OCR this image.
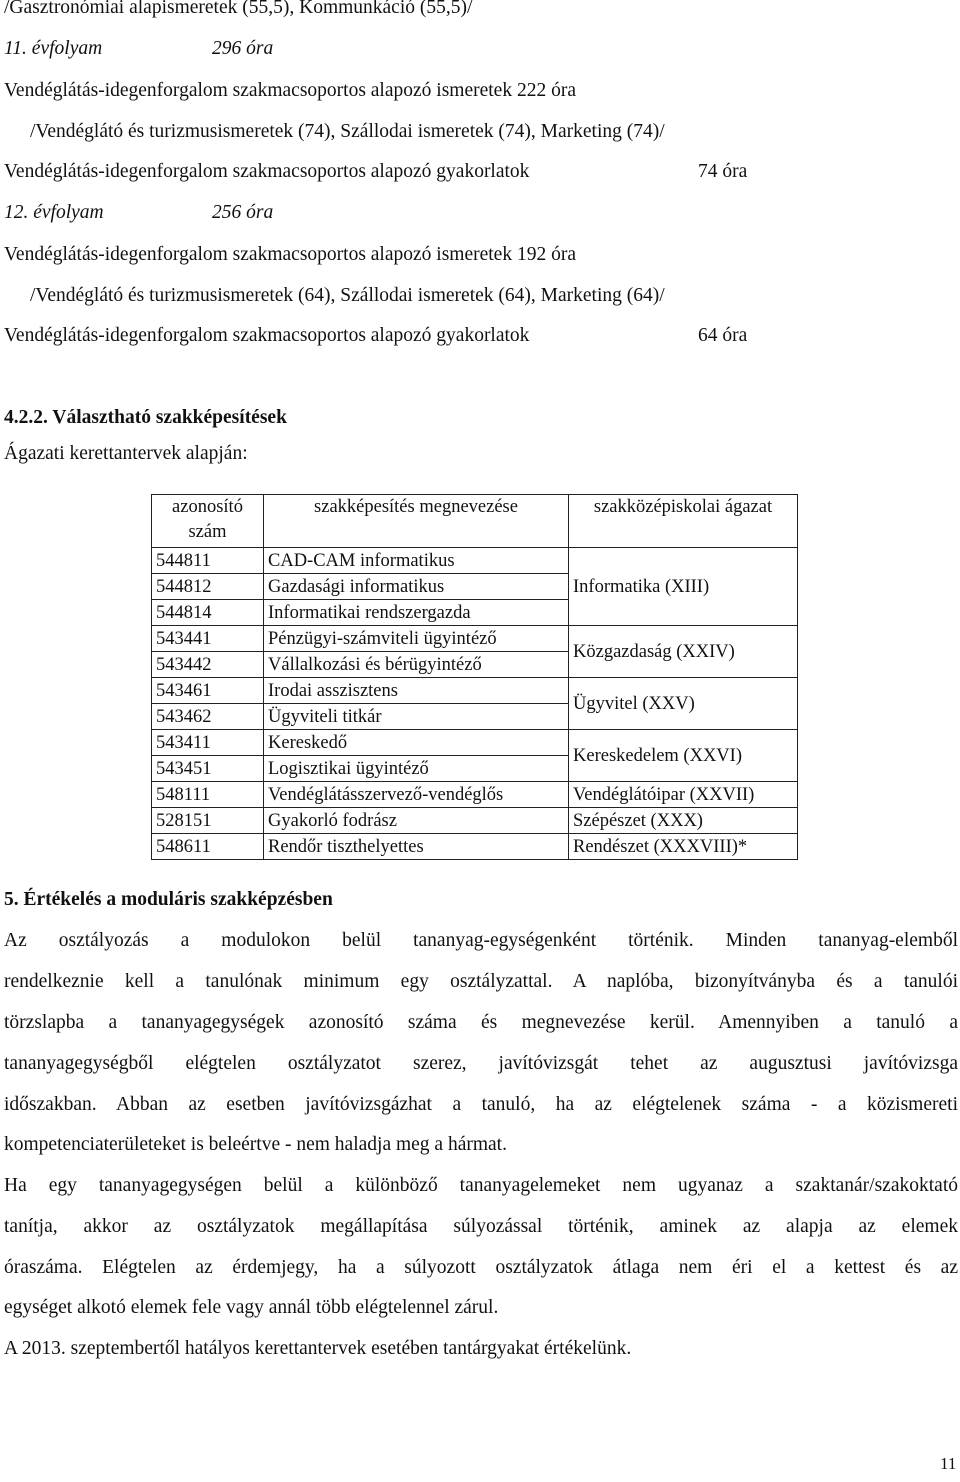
/Gasztronómiai alapismeretek (55,5), Kommunkáció (55,5)/
11. évfolyam	296 óra
Vendéglátás-idegenforgalom szakmacsoportos alapozó ismeretek 222 óra
/Vendéglátó és turizmusismeretek (74), Szállodai ismeretek (74), Marketing (74)/
Vendéglátás-idegenforgalom szakmacsoportos alapozó gyakorlatok	74 óra
12. évfolyam	256 óra
Vendéglátás-idegenforgalom szakmacsoportos alapozó ismeretek 192 óra
/Vendéglátó és turizmusismeretek (64), Szállodai ismeretek (64), Marketing (64)/
Vendéglátás-idegenforgalom szakmacsoportos alapozó gyakorlatok	64 óra
4.2.2. Választható szakképesítések
Ágazati kerettantervek alapján:
azonosító szám	szakképesítés megnevezése	szakközépiskolai ágazat
544811	CAD-CAM informatikus	Informatika (XIII)
544812	Gazdasági informatikus	
544814	Informatikai rendszergazda	
543441	Pénzügyi-számviteli ügyintéző	Közgazdaság (XXIV)
543442	Vállalkozási és bérügyintéző	
543461	Irodai asszisztens	Ügyvitel (XXV)
543462	Ügyviteli titkár	
543411	Kereskedő	Kereskedelem (XXVI)
543451	Logisztikai ügyintéző	
548111	Vendéglátásszervező-vendéglős	Vendéglátóipar (XXVII)
528151	Gyakorló fodrász	Szépészet (XXX)
548611	Rendőr tiszthelyettes	Rendészet (XXXVIII)*
5. Értékelés a moduláris szakképzésben
Az osztályozás a modulokon belül tananyag-egységenként történik. Minden tananyag-elemből
rendelkeznie kell a tanulónak minimum egy osztályzattal. A naplóba, bizonyítványba és a tanulói
törzslapba a tananyagegységek azonosító száma és megnevezése kerül. Amennyiben a tanuló a
tananyagegységből elégtelen osztályzatot szerez, javítóvizsgát tehet az augusztusi javítóvizsga
időszakban. Abban az esetben javítóvizsgázhat a tanuló, ha az elégtelenek száma - a közismereti
kompetenciaterületeket is beleértve - nem haladja meg a hármat.
Ha egy tananyagegységen belül a különböző tananyagelemeket nem ugyanaz a szaktanár/szakoktató
tanítja, akkor az osztályzatok megállapítása súlyozással történik, aminek az alapja az elemek
óraszáma. Elégtelen az érdemjegy, ha a súlyozott osztályzatok átlaga nem éri el a kettest és az
egységet alkotó elemek fele vagy annál több elégtelennel zárul.
A 2013. szeptembertől hatályos kerettantervek esetében tantárgyakat értékelünk.
11
